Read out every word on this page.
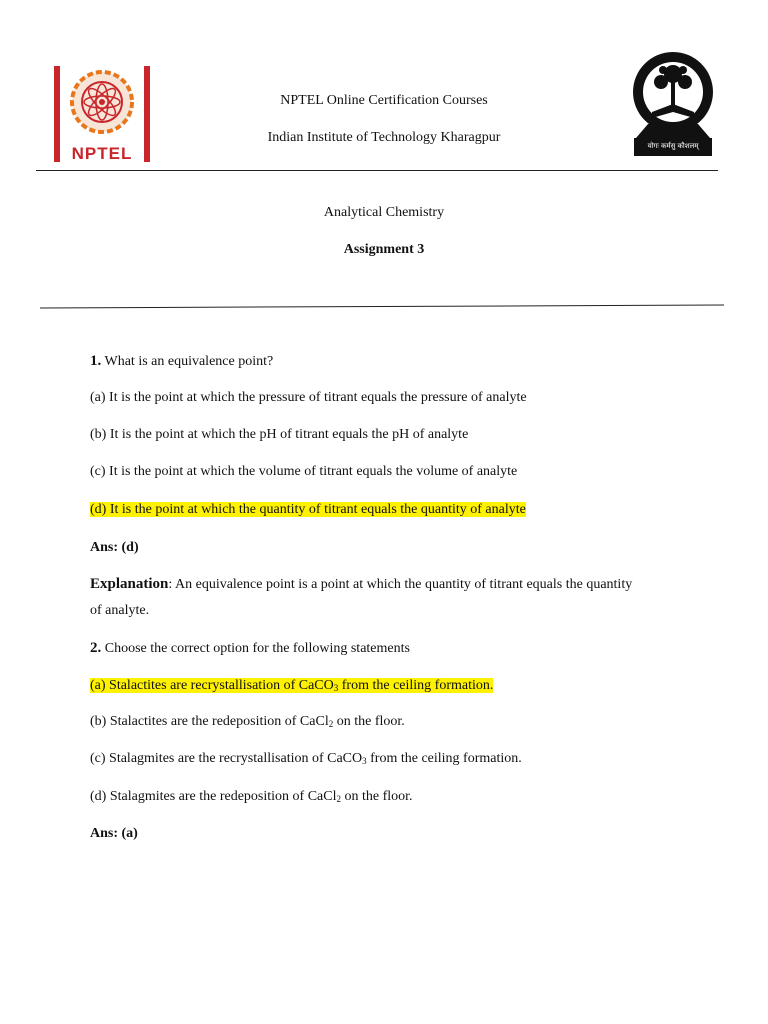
NPTEL	योगः कर्मसु कौशलम्
NPTEL Online Certification Courses
Indian Institute of Technology Kharagpur
Analytical Chemistry
Assignment 3
1. What is an equivalence point?
(a) It is the point at which the pressure of titrant equals the pressure of analyte
(b) It is the point at which the pH of titrant equals the pH of analyte
(c) It is the point at which the volume of titrant equals the volume of analyte
(d) It is the point at which the quantity of titrant equals the quantity of analyte
Ans: (d)
Explanation: An equivalence point is a point at which the quantity of titrant equals the quantity
of analyte.
2. Choose the correct option for the following statements
(a) Stalactites are recrystallisation of CaCO$_3$ from the ceiling formation.
(b) Stalactites are the redeposition of CaCl$_2$ on the floor.
(c) Stalagmites are the recrystallisation of CaCO$_3$ from the ceiling formation.
(d) Stalagmites are the redeposition of CaCl$_2$ on the floor.
Ans: (a)
